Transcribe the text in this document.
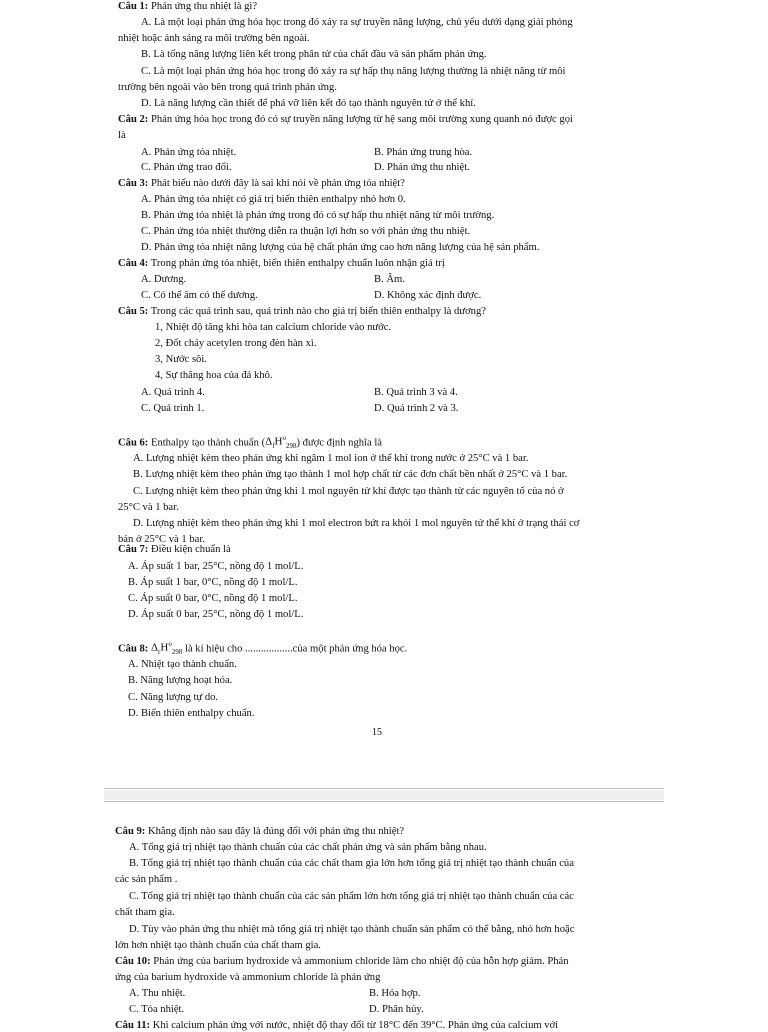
Câu 1: Phản ứng thu nhiệt là gì?
A. Là một loại phản ứng hóa học trong đó xảy ra sự truyền năng lượng, chủ yếu dưới dạng giải phóng
nhiệt hoặc ánh sáng ra môi trường bên ngoài.
B. Là tổng năng lượng liên kết trong phân tử của chất đầu và sản phẩm phản ứng.
C. Là một loại phản ứng hóa học trong đó xảy ra sự hấp thụ năng lượng thường là nhiệt năng từ môi
trường bên ngoài vào bên trong quá trình phản ứng.
D. Là năng lượng cần thiết để phá vỡ liên kết đó tạo thành nguyên tử ở thể khí.
Câu 2: Phản ứng hóa học trong đó có sự truyền năng lượng từ hệ sang môi trường xung quanh nó được gọi
là
A. Phản ứng tỏa nhiệt.	B. Phản ứng trung hòa.
C. Phản ứng trao đổi.	D. Phản ứng thu nhiệt.
Câu 3: Phát biểu nào dưới đây là sai khi nói về phản ứng tỏa nhiệt?
A. Phản ứng tỏa nhiệt có giá trị biến thiên enthalpy nhỏ hơn 0.
B. Phản ứng tỏa nhiệt là phản ứng trong đó có sự hấp thu nhiệt năng từ môi trường.
C. Phản ứng tỏa nhiệt thường diễn ra thuận lợi hơn so với phản ứng thu nhiệt.
D. Phản ứng tỏa nhiệt năng lượng của hệ chất phản ứng cao hơn năng lượng của hệ sản phẩm.
Câu 4: Trong phản ứng tỏa nhiệt, biến thiên enthalpy chuẩn luôn nhận giá trị
A. Dương.	B. Âm.
C. Có thể âm có thể dương.	D. Không xác định được.
Câu 5: Trong các quá trình sau, quá trình nào cho giá trị biến thiên enthalpy là dương?
1, Nhiệt độ tăng khi hòa tan calcium chloride vào nước.
2, Đốt cháy acetylen trong đèn hàn xì.
3, Nước sôi.
4, Sự thăng hoa của đá khô.
A. Quá trình 4.	B. Quá trình 3 và 4.
C. Quá trình 1.	D. Quá trình 2 và 3.
Câu 6: Enthalpy tạo thành chuẩn $(\Delta_fH^o_{298})$ được định nghĩa là
A. Lượng nhiệt kèm theo phản ứng khi ngâm 1 mol ion ở thể khí trong nước ở 25°C và 1 bar.
B. Lượng nhiệt kèm theo phản ứng tạo thành 1 mol hợp chất từ các đơn chất bền nhất ở 25°C và 1 bar.
C. Lượng nhiệt kèm theo phản ứng khi 1 mol nguyên tử khí được tạo thành từ các nguyên tố của nó ở
25°C và 1 bar.
D. Lượng nhiệt kèm theo phản ứng khi 1 mol electron bứt ra khỏi 1 mol nguyên tử thể khí ở trạng thái cơ
bản ở 25°C và 1 bar.
Câu 7: Điều kiện chuẩn là
A. Áp suất 1 bar, 25°C, nồng độ 1 mol/L.
B. Áp suất 1 bar, 0°C, nồng độ 1 mol/L.
C. Áp suất 0 bar, 0°C, nồng độ 1 mol/L.
D. Áp suất 0 bar, 25°C, nồng độ 1 mol/L.
Câu 8: $\Delta_rH^o_{298}$ là kí hiệu cho ..................của một phản ứng hóa học.
A. Nhiệt tạo thành chuẩn.
B. Năng lượng hoạt hóa.
C. Năng lượng tự do.
D. Biến thiên enthalpy chuẩn.
15
Câu 9: Khẳng định nào sau đây là đúng đối với phản ứng thu nhiệt?
A. Tổng giá trị nhiệt tạo thành chuẩn của các chất phản ứng và sản phẩm bằng nhau.
B. Tổng giá trị nhiệt tạo thành chuẩn của các chất tham gia lớn hơn tổng giá trị nhiệt tạo thành chuẩn của
các sản phẩm .
C. Tổng giá trị nhiệt tạo thành chuẩn của các sản phẩm lớn hơn tổng giá trị nhiệt tạo thành chuẩn của các
chất tham gia.
D. Tùy vào phản ứng thu nhiệt mà tổng giá trị nhiệt tạo thành chuẩn sản phẩm có thể bằng, nhỏ hơn hoặc
lớn hơn nhiệt tạo thành chuẩn của chất tham gia.
Câu 10: Phản ứng của barium hydroxide và ammonium chloride làm cho nhiệt độ của hỗn hợp giảm. Phản
ứng của barium hydroxide và ammonium chloride là phản ứng
A. Thu nhiệt.	B. Hóa hợp.
C. Tỏa nhiệt.	D. Phân hủy.
Câu 11: Khi calcium phản ứng với nước, nhiệt độ thay đổi từ 18°C đến 39°C. Phản ứng của calcium với
